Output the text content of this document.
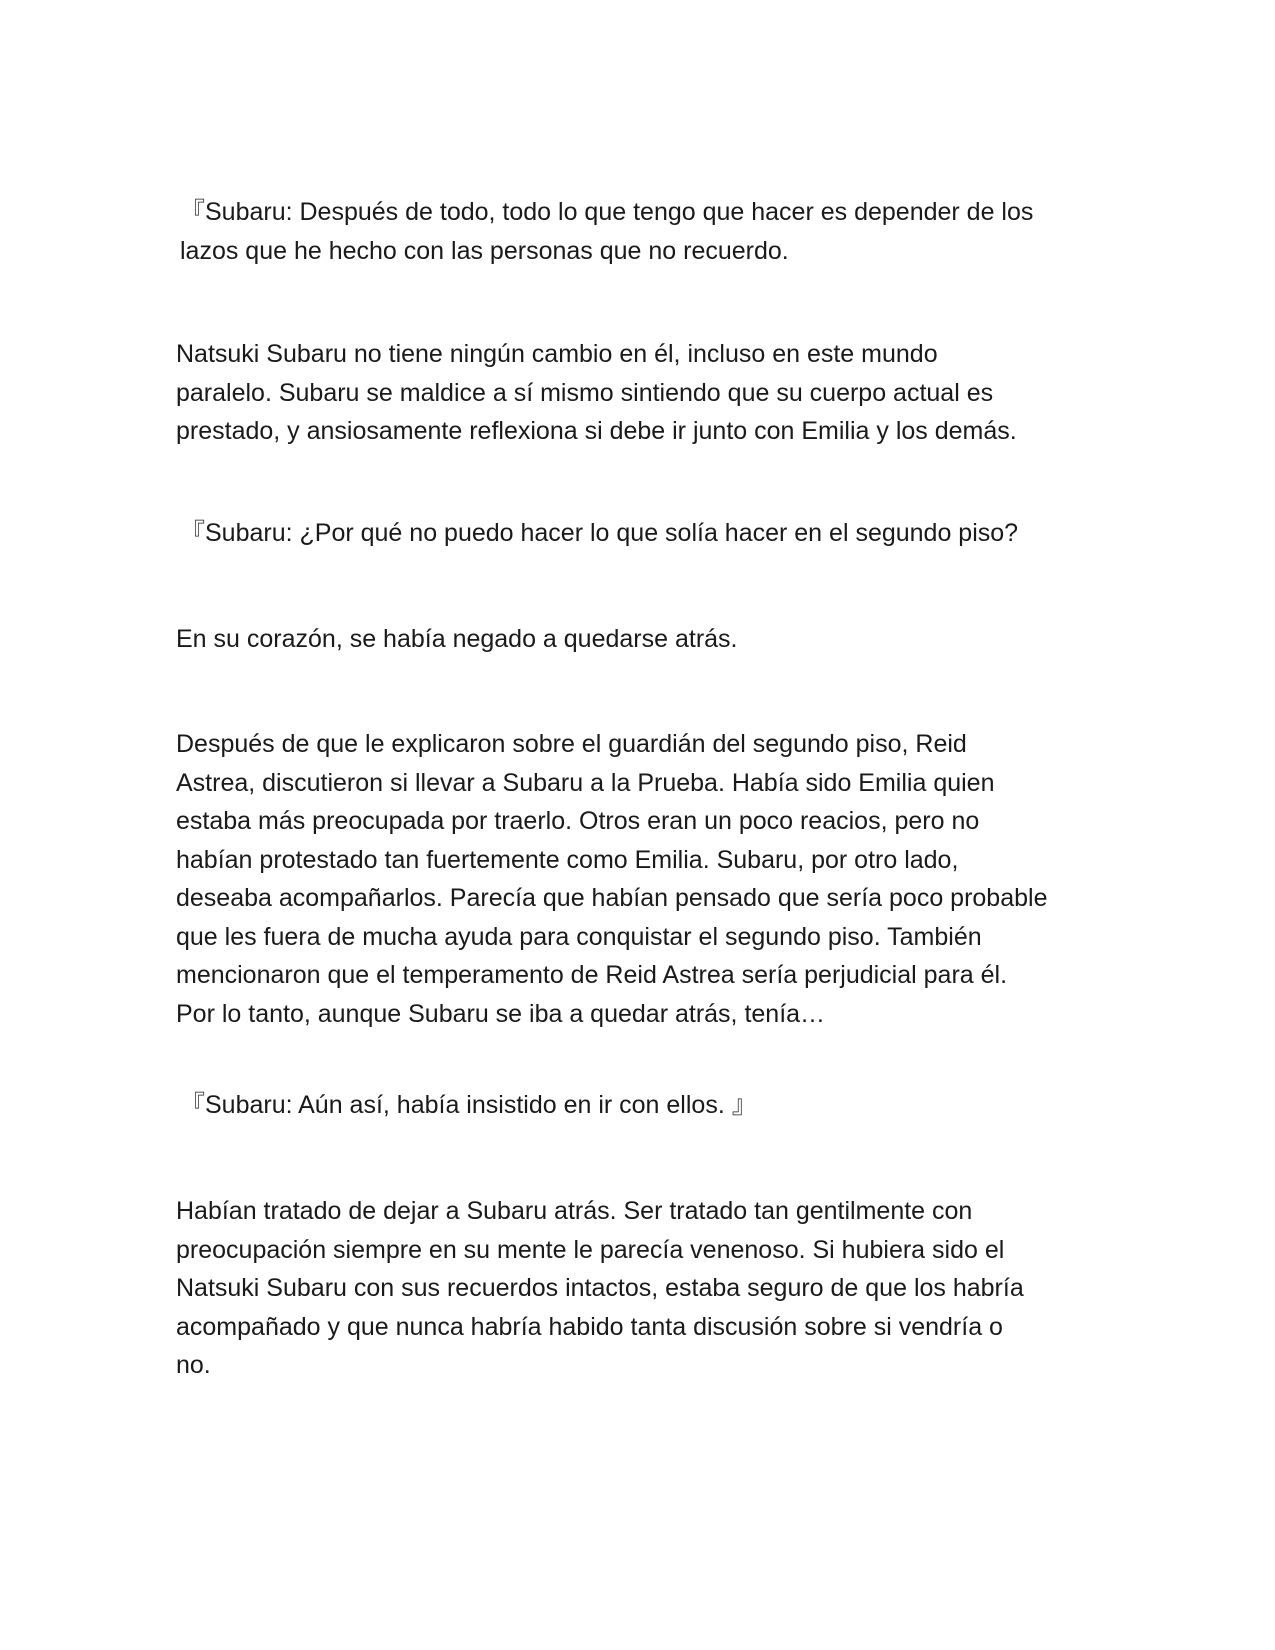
『Subaru: Después de todo, todo lo que tengo que hacer es depender de los
lazos que he hecho con las personas que no recuerdo.

Natsuki Subaru no tiene ningún cambio en él, incluso en este mundo
paralelo. Subaru se maldice a sí mismo sintiendo que su cuerpo actual es
prestado, y ansiosamente reflexiona si debe ir junto con Emilia y los demás.

『Subaru: ¿Por qué no puedo hacer lo que solía hacer en el segundo piso?

En su corazón, se había negado a quedarse atrás.

Después de que le explicaron sobre el guardián del segundo piso, Reid
Astrea, discutieron si llevar a Subaru a la Prueba. Había sido Emilia quien
estaba más preocupada por traerlo. Otros eran un poco reacios, pero no
habían protestado tan fuertemente como Emilia. Subaru, por otro lado,
deseaba acompañarlos. Parecía que habían pensado que sería poco probable
que les fuera de mucha ayuda para conquistar el segundo piso. También
mencionaron que el temperamento de Reid Astrea sería perjudicial para él.
Por lo tanto, aunque Subaru se iba a quedar atrás, tenía…

『Subaru: Aún así, había insistido en ir con ellos. 』

Habían tratado de dejar a Subaru atrás. Ser tratado tan gentilmente con
preocupación siempre en su mente le parecía venenoso. Si hubiera sido el
Natsuki Subaru con sus recuerdos intactos, estaba seguro de que los habría
acompañado y que nunca habría habido tanta discusión sobre si vendría o
no.
